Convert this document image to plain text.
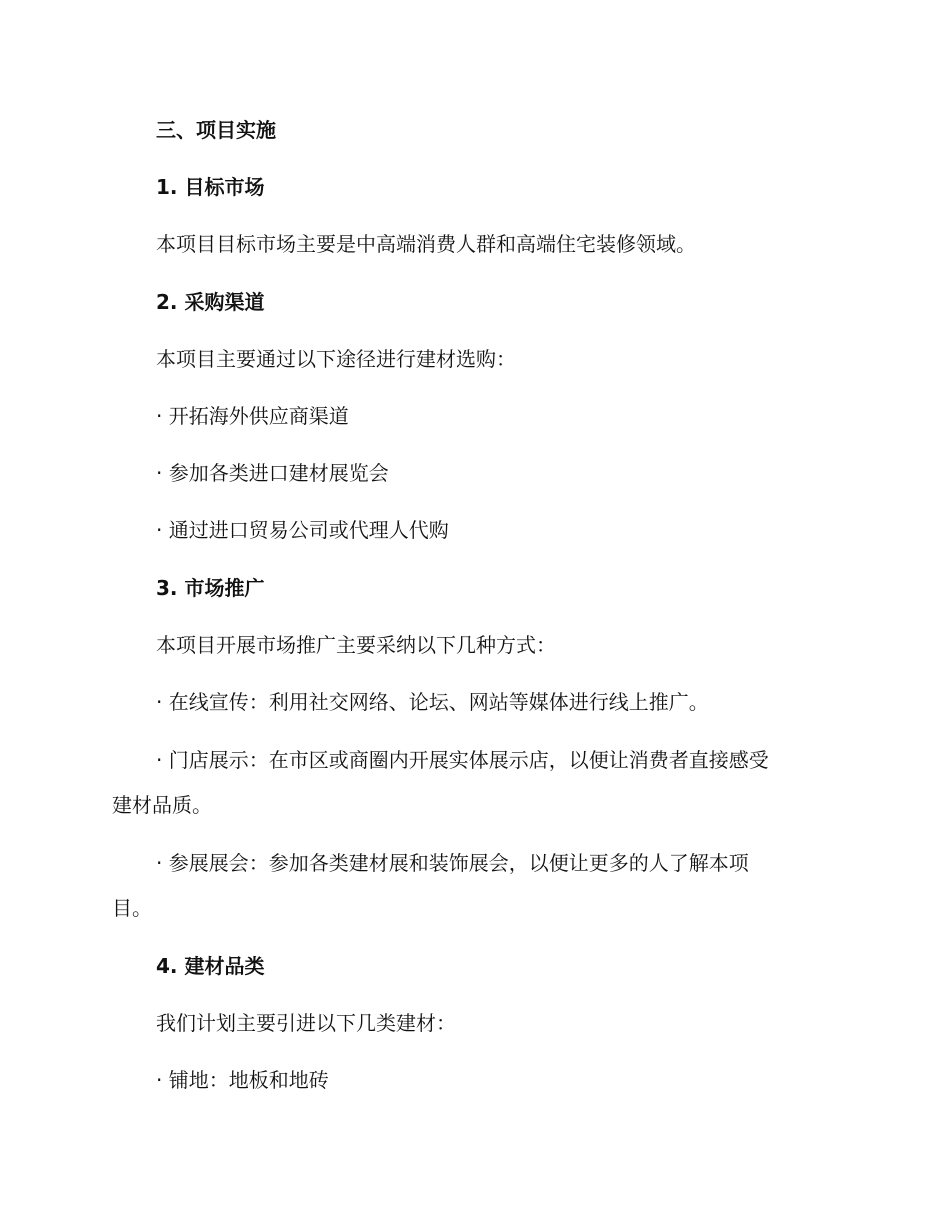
三、项目实施
1. 目标市场
本项目目标市场主要是中高端消费人群和高端住宅装修领域。
2. 采购渠道
本项目主要通过以下途径进行建材选购：
· 开拓海外供应商渠道
· 参加各类进口建材展览会
· 通过进口贸易公司或代理人代购
3. 市场推广
本项目开展市场推广主要采纳以下几种方式：
· 在线宣传：利用社交网络、论坛、网站等媒体进行线上推广。
· 门店展示：在市区或商圈内开展实体展示店，以便让消费者直接感受
建材品质。
· 参展展会：参加各类建材展和装饰展会，以便让更多的人了解本项
目。
4. 建材品类
我们计划主要引进以下几类建材：
· 铺地：地板和地砖
